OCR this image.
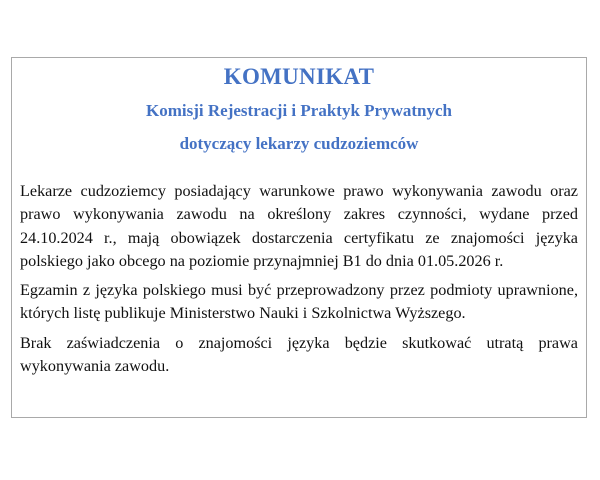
KOMUNIKAT
Komisji Rejestracji i Praktyk Prywatnych
dotyczący lekarzy cudzoziemców

Lekarze cudzoziemcy posiadający warunkowe prawo wykonywania zawodu oraz prawo wykonywania zawodu na określony zakres czynności, wydane przed 24.10.2024 r., mają obowiązek dostarczenia certyfikatu ze znajomości języka polskiego jako obcego na poziomie przynajmniej B1 do dnia 01.05.2026 r.

Egzamin z języka polskiego musi być przeprowadzony przez podmioty uprawnione, których listę publikuje Ministerstwo Nauki i Szkolnictwa Wyższego.

Brak zaświadczenia o znajomości języka będzie skutkować utratą prawa wykonywania zawodu.
